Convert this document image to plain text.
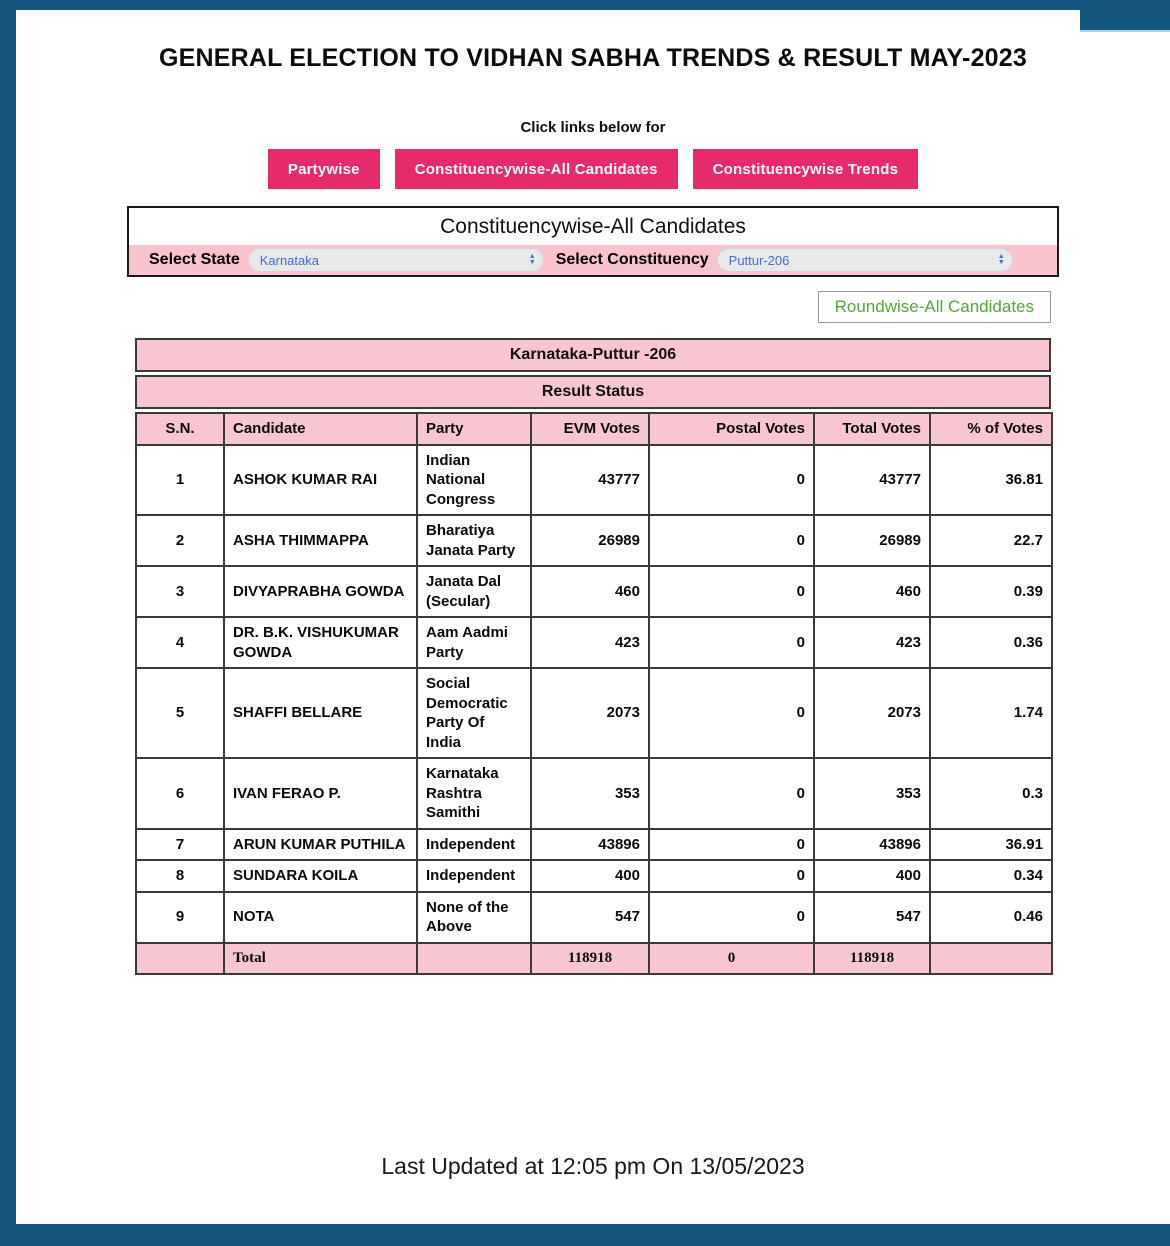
GENERAL ELECTION TO VIDHAN SABHA TRENDS & RESULT MAY-2023
Click links below for
Partywise	Constituencywise-All Candidates	Constituencywise Trends
Constituencywise-All Candidates
Select State Karnataka	▲
▼ Select Constituency Puttur-206	▲
▼
Roundwise-All Candidates
Karnataka-Puttur -206
Result Status
S.N.	Candidate	Party	EVM Votes	Postal Votes	Total Votes	% of Votes
1	ASHOK KUMAR RAI	Indian National Congress	43777	0	43777	36.81
2	ASHA THIMMAPPA	Bharatiya Janata Party	26989	0	26989	22.7
3	DIVYAPRABHA GOWDA	Janata Dal (Secular)	460	0	460	0.39
4	DR. B.K. VISHUKUMAR GOWDA	Aam Aadmi Party	423	0	423	0.36
5	SHAFFI BELLARE	Social Democratic Party Of India	2073	0	2073	1.74
6	IVAN FERAO P.	Karnataka Rashtra Samithi	353	0	353	0.3
7	ARUN KUMAR PUTHILA	Independent	43896	0	43896	36.91
8	SUNDARA KOILA	Independent	400	0	400	0.34
9	NOTA	None of the Above	547	0	547	0.46
	Total		118918	0	118918	
Last Updated at 12:05 pm On 13/05/2023
